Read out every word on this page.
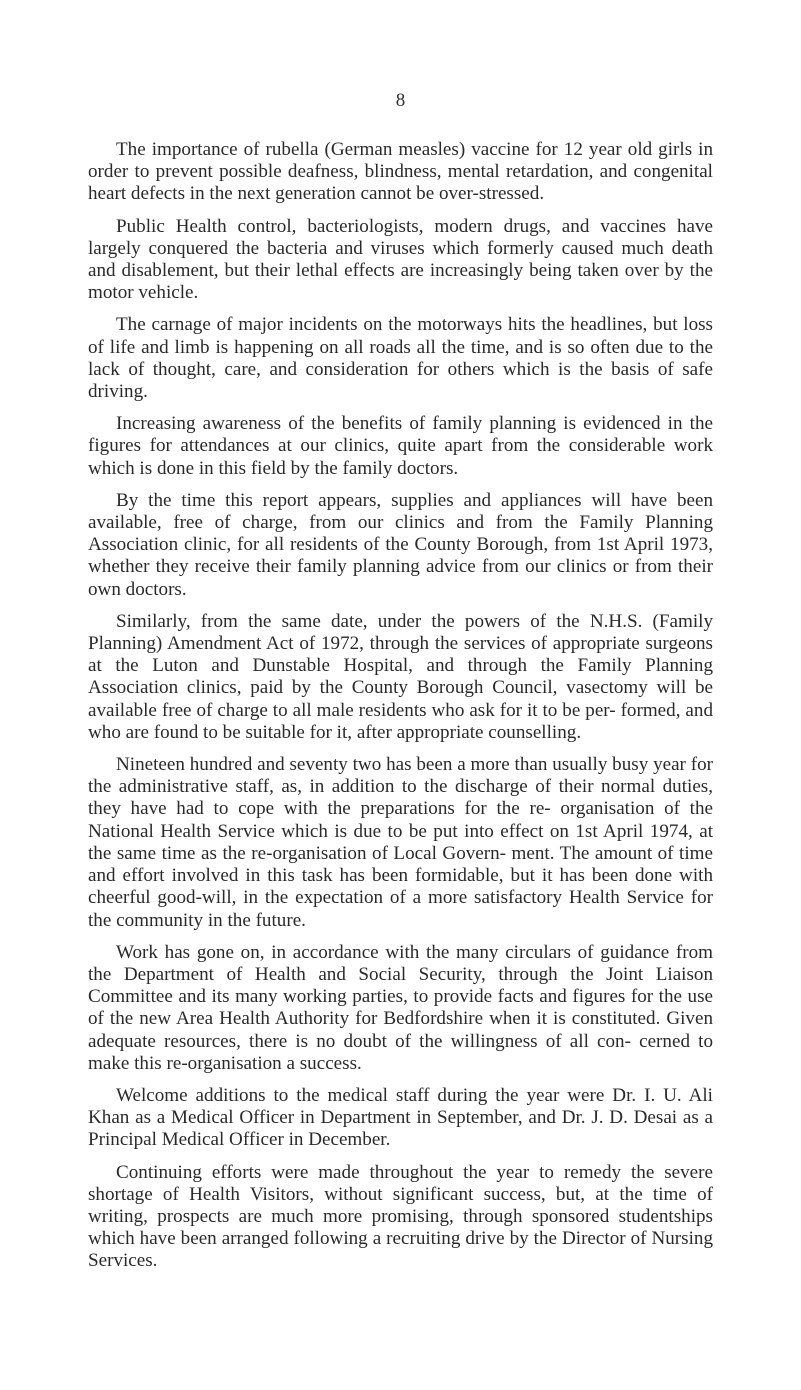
8

The importance of rubella (German measles) vaccine for 12 year old girls in order to prevent possible deafness, blindness, mental retardation, and congenital heart defects in the next generation cannot be over-stressed.

Public Health control, bacteriologists, modern drugs, and vaccines have largely conquered the bacteria and viruses which formerly caused much death and disablement, but their lethal effects are increasingly being taken over by the motor vehicle.

The carnage of major incidents on the motorways hits the headlines, but loss of life and limb is happening on all roads all the time, and is so often due to the lack of thought, care, and consideration for others which is the basis of safe driving.

Increasing awareness of the benefits of family planning is evidenced in the figures for attendances at our clinics, quite apart from the considerable work which is done in this field by the family doctors.

By the time this report appears, supplies and appliances will have been available, free of charge, from our clinics and from the Family Planning Association clinic, for all residents of the County Borough, from 1st April 1973, whether they receive their family planning advice from our clinics or from their own doctors.

Similarly, from the same date, under the powers of the N.H.S. (Family Planning) Amendment Act of 1972, through the services of appropriate surgeons at the Luton and Dunstable Hospital, and through the Family Planning Association clinics, paid by the County Borough Council, vasectomy will be available free of charge to all male residents who ask for it to be per- formed, and who are found to be suitable for it, after appropriate counselling.

Nineteen hundred and seventy two has been a more than usually busy year for the administrative staff, as, in addition to the discharge of their normal duties, they have had to cope with the preparations for the re- organisation of the National Health Service which is due to be put into effect on 1st April 1974, at the same time as the re-organisation of Local Govern- ment. The amount of time and effort involved in this task has been formidable, but it has been done with cheerful good-will, in the expectation of a more satisfactory Health Service for the community in the future.

Work has gone on, in accordance with the many circulars of guidance from the Department of Health and Social Security, through the Joint Liaison Committee and its many working parties, to provide facts and figures for the use of the new Area Health Authority for Bedfordshire when it is constituted. Given adequate resources, there is no doubt of the willingness of all con- cerned to make this re-organisation a success.

Welcome additions to the medical staff during the year were Dr. I. U. Ali Khan as a Medical Officer in Department in September, and Dr. J. D. Desai as a Principal Medical Officer in December.

Continuing efforts were made throughout the year to remedy the severe shortage of Health Visitors, without significant success, but, at the time of writing, prospects are much more promising, through sponsored studentships which have been arranged following a recruiting drive by the Director of Nursing Services.
